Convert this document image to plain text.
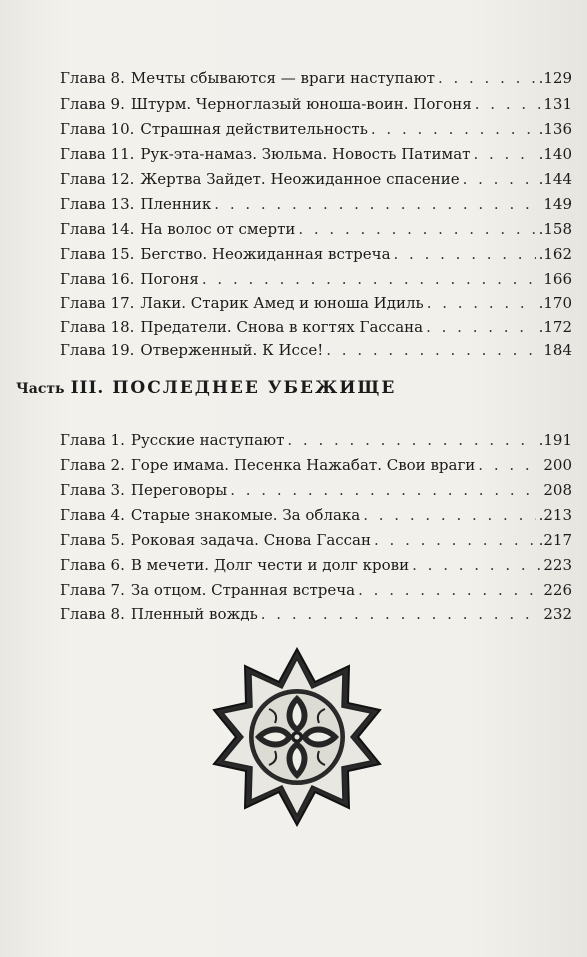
Глава 8. Мечты сбываются — враги наступают . . .	.129
Глава 9. Штурм. Черноглазый юноша-воин. Погоня . . .	131
Глава 10. Страшная действительность . . .	.136
Глава 11. Рук-эта-намаз. Зюльма. Новость Патимат . . .	.140
Глава 12. Жертва Зайдет. Неожиданное спасение . . .	.144
Глава 13. Пленник . . .	149
Глава 14. На волос от смерти . . .	.158
Глава 15. Бегство. Неожиданная встреча . . .	.162
Глава 16. Погоня . . .	166
Глава 17. Лаки. Старик Амед и юноша Идиль . . .	.170
Глава 18. Предатели. Снова в когтях Гассана . . .	.172
Глава 19. Отверженный. К Иссе! . . .	184
Часть III. ПОСЛЕДНЕЕ УБЕЖИЩЕ
Глава 1. Русские наступают . . .	.191
Глава 2. Горе имама. Песенка Нажабат. Свои враги . . .	200
Глава 3. Переговоры . . .	208
Глава 4. Старые знакомые. За облака . . .	.213
Глава 5. Роковая задача. Снова Гассан . . .	.217
Глава 6. В мечети. Долг чести и долг крови . . .	223
Глава 7. За отцом. Странная встреча . . .	226
Глава 8. Пленный вождь . . .	232
